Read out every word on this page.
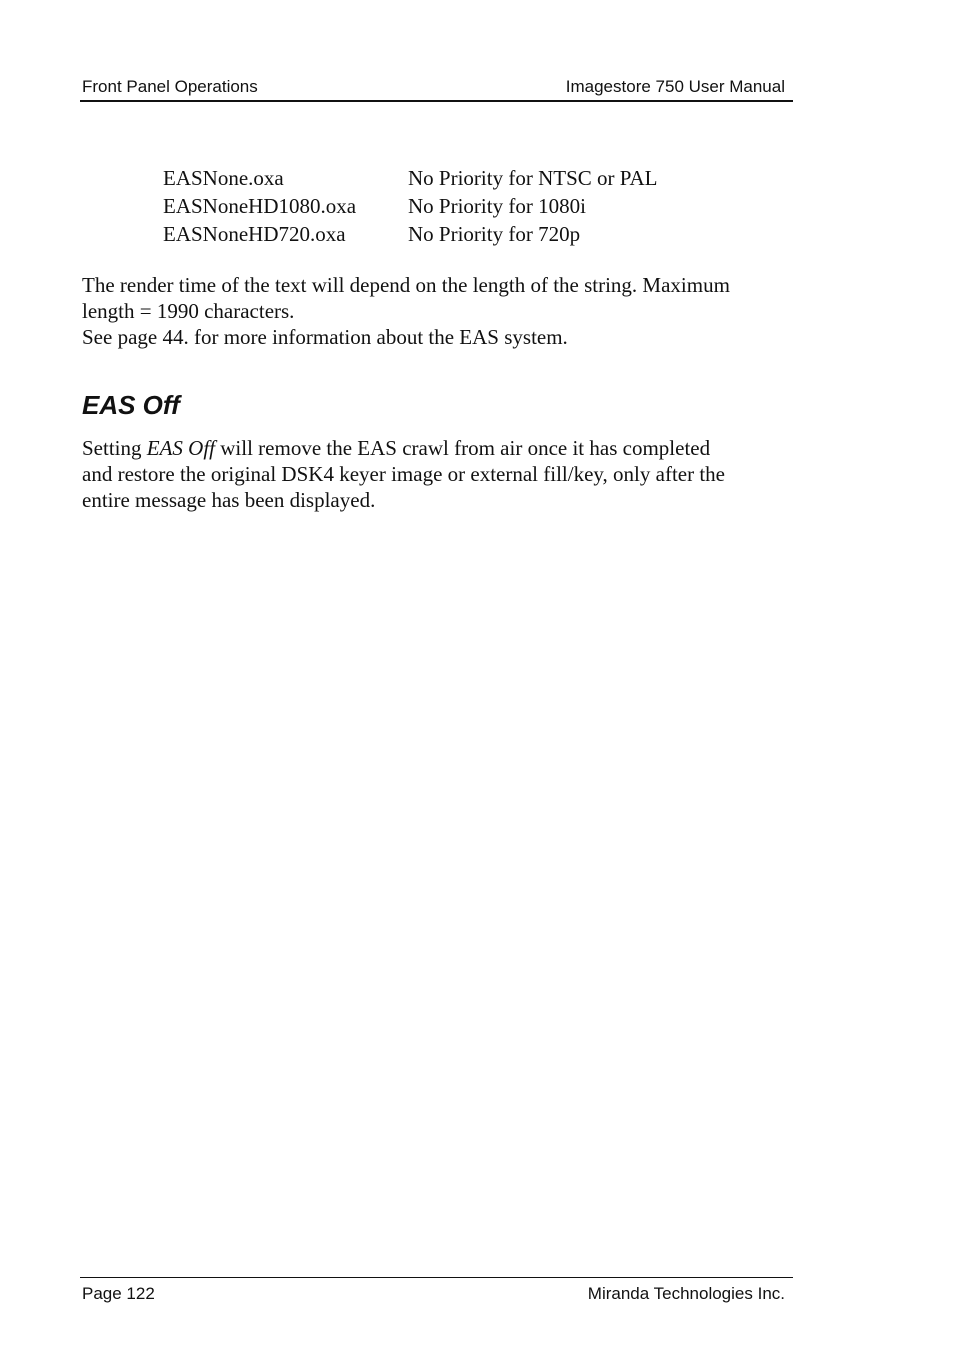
Front Panel Operations	Imagestore 750 User Manual
EASNone.oxa	No Priority for NTSC or PAL
EASNoneHD1080.oxa No Priority for 1080i
EASNoneHD720.oxa	No Priority for 720p
The render time of the text will depend on the length of the string. Maximum
length = 1990 characters.
See page 44. for more information about the EAS system.
EAS Off
Setting EAS Off will remove the EAS crawl from air once it has completed
and restore the original DSK4 keyer image or external fill/key, only after the
entire message has been displayed.
Page 122	Miranda Technologies Inc.
